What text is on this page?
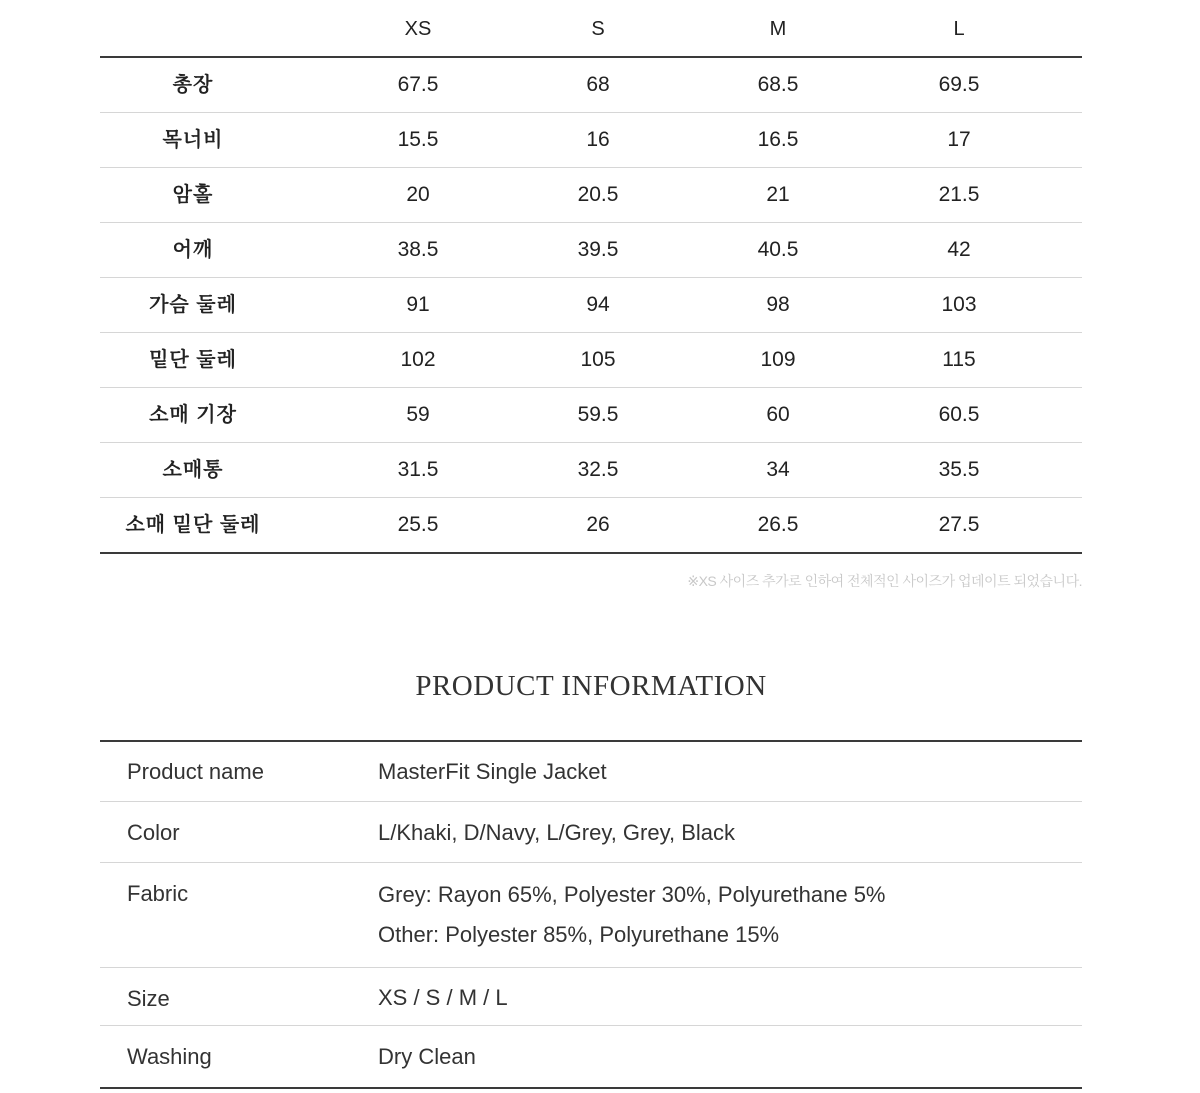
XS	S	M	L
총장	67.5	68	68.5	69.5
목너비	15.5	16	16.5	17
암홀	20	20.5	21	21.5
어깨	38.5	39.5	40.5	42
가슴 둘레	91	94	98	103
밑단 둘레	102	105	109	115
소매 기장	59	59.5	60	60.5
소매통	31.5	32.5	34	35.5
소매 밑단 둘레	25.5	26	26.5	27.5
※XS 사이즈 추가로 인하여 전체적인 사이즈가 업데이트 되었습니다.
PRODUCT INFORMATION
Product name	MasterFit Single Jacket
Color	L/Khaki, D/Navy, L/Grey, Grey, Black
Fabric	Grey: Rayon 65%, Polyester 30%, Polyurethane 5%
Other: Polyester 85%, Polyurethane 15%
Size	XS / S / M / L
Washing	Dry Clean
